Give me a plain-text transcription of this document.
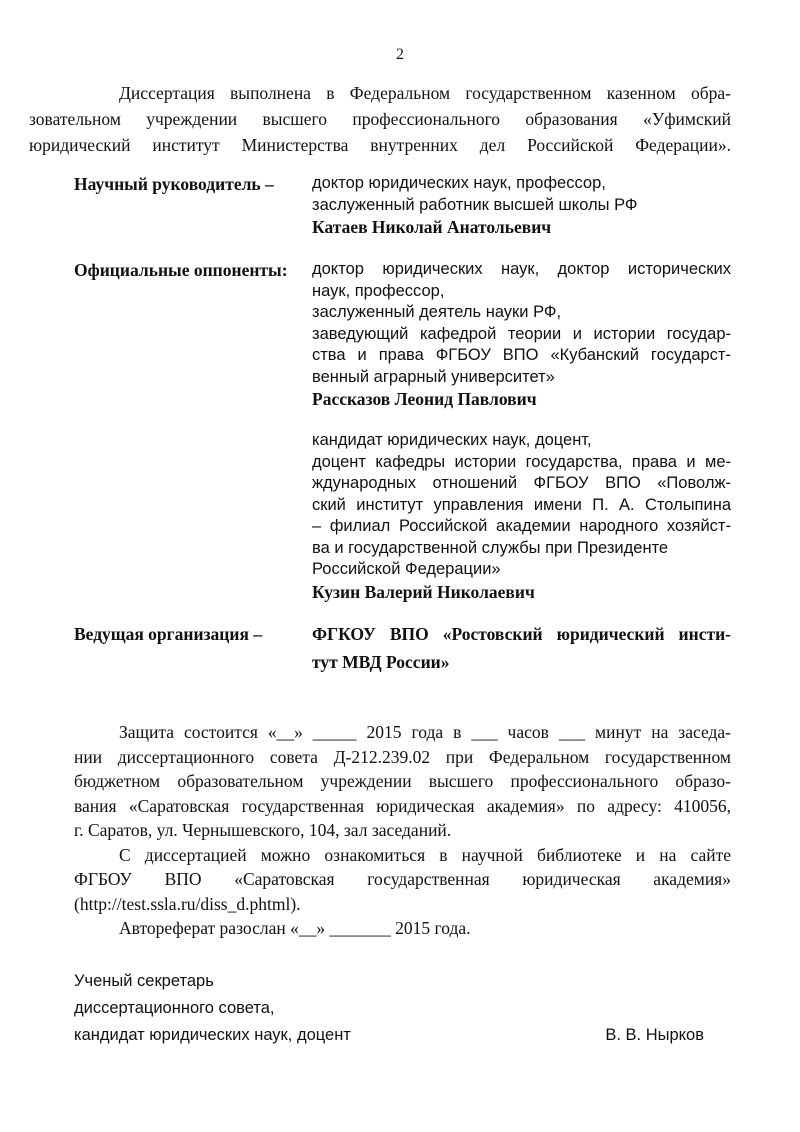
2
Диссертация выполнена в Федеральном государственном казенном обра-
зовательном учреждении высшего профессионального образования «Уфимский
юридический институт Министерства внутренних дел Российской Федерации».
Научный руководитель –	доктор юридических наук, профессор,
заслуженный работник высшей школы РФ
Катаев Николай Анатольевич
Официальные оппоненты:	доктор юридических наук, доктор исторических
наук, профессор,
заслуженный деятель науки РФ,
заведующий кафедрой теории и истории государ-
ства и права ФГБОУ ВПО «Кубанский государст-
венный аграрный университет»
Рассказов Леонид Павлович
кандидат юридических наук, доцент,
доцент кафедры истории государства, права и ме-
ждународных отношений ФГБОУ ВПО «Поволж-
ский институт управления имени П. А. Столыпина
– филиал Российской академии народного хозяйст-
ва и государственной службы при Президенте
Российской Федерации»
Кузин Валерий Николаевич
Ведущая организация –	ФГКОУ ВПО «Ростовский юридический инсти-
тут МВД России»
Защита состоится «__» _____ 2015 года в ___ часов ___ минут на заседа-
нии диссертационного совета Д-212.239.02 при Федеральном государственном
бюджетном образовательном учреждении высшего профессионального образо-
вания «Саратовская государственная юридическая академия» по адресу: 410056,
г. Саратов, ул. Чернышевского, 104, зал заседаний.
С диссертацией можно ознакомиться в научной библиотеке и на сайте
ФГБОУ ВПО «Саратовская государственная юридическая академия»
(http://test.ssla.ru/diss_d.phtml).
Автореферат разослан «__» _______ 2015 года.
Ученый секретарь
диссертационного совета,
кандидат юридических наук, доцент	В. В. Нырков
